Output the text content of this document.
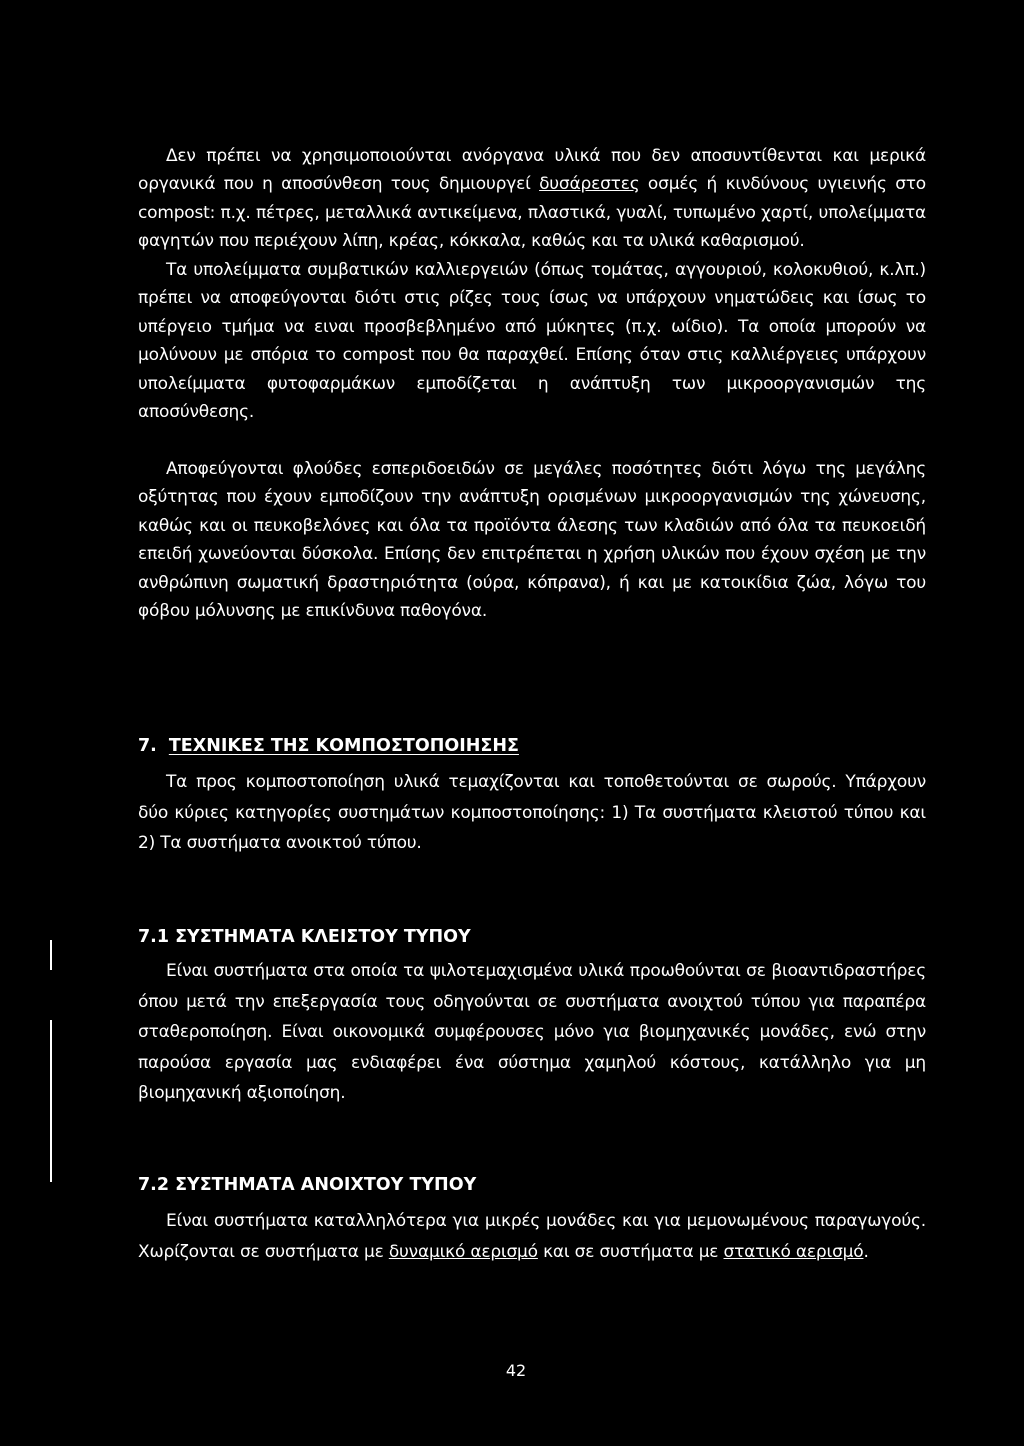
Δεν πρέπει να χρησιμοποιούνται ανόργανα υλικά που δεν αποσυντίθενται και μερικά οργανικά που η αποσύνθεση τους δημιουργεί δυσάρεστες οσμές ή κινδύνους υγιεινής στο compost: π.χ. πέτρες, μεταλλικά αντικείμενα, πλαστικά, γυαλί, τυπωμένο χαρτί, υπολείμματα φαγητών που περιέχουν λίπη, κρέας, κόκκαλα, καθώς και τα υλικά καθαρισμού.

Τα υπολείμματα συμβατικών καλλιεργειών (όπως τομάτας, αγγουριού, κολοκυθιού, κ.λπ.) πρέπει να αποφεύγονται διότι στις ρίζες τους ίσως να υπάρχουν νηματώδεις και ίσως το υπέργειο τμήμα να ειναι προσβεβλημένο από μύκητες (π.χ. ωίδιο). Τα οποία μπορούν να μολύνουν με σπόρια το compost που θα παραχθεί. Επίσης όταν στις καλλιέργειες υπάρχουν υπολείμματα φυτοφαρμάκων εμποδίζεται η ανάπτυξη των μικροοργανισμών της αποσύνθεσης.

Αποφεύγονται φλούδες εσπεριδοειδών σε μεγάλες ποσότητες διότι λόγω της μεγάλης οξύτητας που έχουν εμποδίζουν την ανάπτυξη ορισμένων μικροοργανισμών της χώνευσης, καθώς και οι πευκοβελόνες και όλα τα προϊόντα άλεσης των κλαδιών από όλα τα πευκοειδή επειδή χωνεύονται δύσκολα. Επίσης δεν επιτρέπεται η χρήση υλικών που έχουν σχέση με την ανθρώπινη σωματική δραστηριότητα (ούρα, κόπρανα), ή και με κατοικίδια ζώα, λόγω του φόβου μόλυνσης με επικίνδυνα παθογόνα.

7. ΤΕΧΝΙΚΕΣ ΤΗΣ ΚΟΜΠΟΣΤΟΠΟΙΗΣΗΣ

Τα προς κομποστοποίηση υλικά τεμαχίζονται και τοποθετούνται σε σωρούς. Υπάρχουν δύο κύριες κατηγορίες συστημάτων κομποστοποίησης: 1) Τα συστήματα κλειστού τύπου και 2) Τα συστήματα ανοικτού τύπου.

7.1 ΣΥΣΤΗΜΑΤΑ ΚΛΕΙΣΤΟΥ ΤΥΠΟΥ

Είναι συστήματα στα οποία τα ψιλοτεμαχισμένα υλικά προωθούνται σε βιοαντιδραστήρες όπου μετά την επεξεργασία τους οδηγούνται σε συστήματα ανοιχτού τύπου για παραπέρα σταθεροποίηση. Είναι οικονομικά συμφέρουσες μόνο για βιομηχανικές μονάδες, ενώ στην παρούσα εργασία μας ενδιαφέρει ένα σύστημα χαμηλού κόστους, κατάλληλο για μη βιομηχανική αξιοποίηση.

7.2 ΣΥΣΤΗΜΑΤΑ ΑΝΟΙΧΤΟΥ ΤΥΠΟΥ

Είναι συστήματα καταλληλότερα για μικρές μονάδες και για μεμονωμένους παραγωγούς. Χωρίζονται σε συστήματα με δυναμικό αερισμό και σε συστήματα με στατικό αερισμό.

42
